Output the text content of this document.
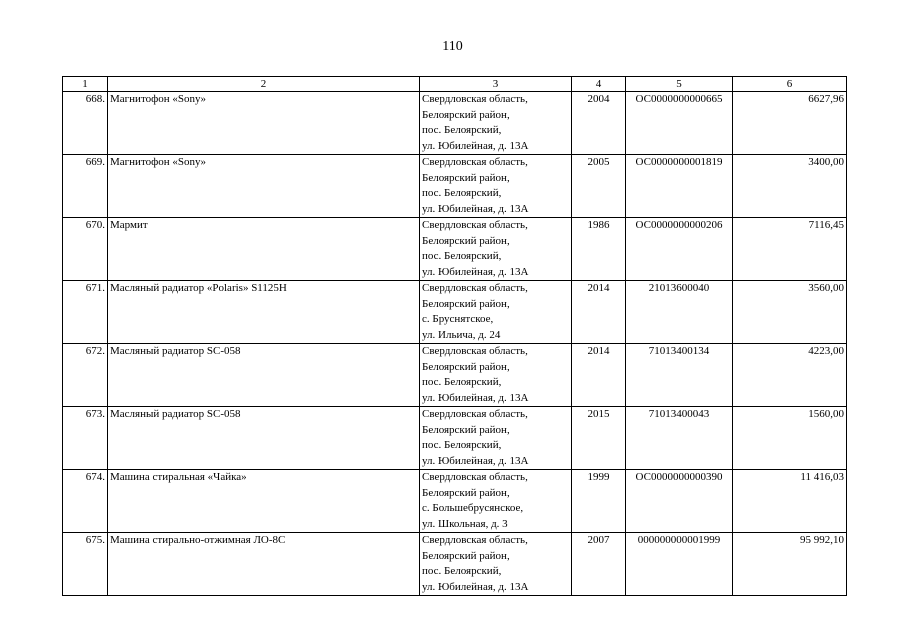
110
1	2	3	4	5	6
668.	Магнитофон «Sony»	Свердловская область,
Белоярский район,
пос. Белоярский,
ул. Юбилейная, д. 13А	2004	ОС0000000000665	6627,96
669.	Магнитофон «Sony»	Свердловская область,
Белоярский район,
пос. Белоярский,
ул. Юбилейная, д. 13А	2005	ОС0000000001819	3400,00
670.	Мармит	Свердловская область,
Белоярский район,
пос. Белоярский,
ул. Юбилейная, д. 13А	1986	ОС0000000000206	7116,45
671.	Масляный радиатор «Polaris» S1125H	Свердловская область,
Белоярский район,
с. Бруснятское,
ул. Ильича, д. 24	2014	21013600040	3560,00
672.	Масляный радиатор SC-058	Свердловская область,
Белоярский район,
пос. Белоярский,
ул. Юбилейная, д. 13А	2014	71013400134	4223,00
673.	Масляный радиатор SC-058	Свердловская область,
Белоярский район,
пос. Белоярский,
ул. Юбилейная, д. 13А	2015	71013400043	1560,00
674.	Машина стиральная «Чайка»	Свердловская область,
Белоярский район,
с. Большебрусянское,
ул. Школьная, д. 3	1999	ОС0000000000390	11 416,03
675.	Машина стирально-отжимная ЛО-8С	Свердловская область,
Белоярский район,
пос. Белоярский,
ул. Юбилейная, д. 13А	2007	000000000001999	95 992,10
